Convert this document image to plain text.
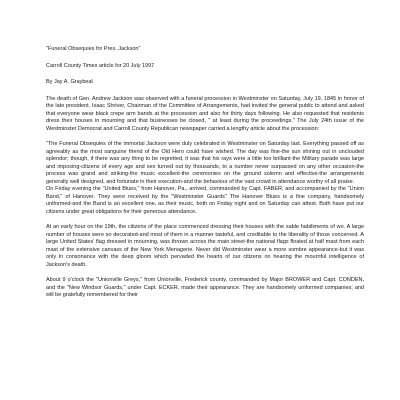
"Funeral Obsequies for Pres. Jackson"

Carroll County Times article for 20 July 1997

By Jay A. Graybeal

The death of Gen. Andrew Jackson was observed with a funeral procession in Westminster on Saturday, July 19, 1845 in honor of the late president. Isaac Shriver, Chairman of the Committee of Arrangements, had invited the general public to attend and asked that everyone wear black crepe arm bands at the procession and also for thirty days following. He also requested that residents dress their houses in mourning and that businesses be closed, " at least during the proceedings." The July 24th issue of the Westminster Democrat and Carroll County Republican newspaper carried a lengthy article about the procession:

"The Funeral Obsequies of the immortal Jackson were duly celebrated in Westminster on Saturday last. Everything passed off as agreeably as the most sanguine friend of the Old Hero could have wished. The day was fine-the sun shining out in unclouded splendor; though, if there was any thing to be regretted, it was that his rays were a little too brilliant-the Military parade was large and imposing-citizens of every age and sex turned out by thousands, to a number never surpassed on any other occasion-the process was grand and striking-the music excellent-the ceremonies on the ground solemn and effective-the arrangements generally well designed, and fortunate in their execution-and the behaviour of the vast crowd in attendance worthy of all praise.

On Friday evening the "United Blues," from Hanover, Pa., arrived, commanded by Capt. FABER, and accompanied by the "Union Band," of Hanover. They were received by the "Westminster Guards" The Hanover Blues is a fine company, handsomely uniformed-and the Band is an excellent one, as their music, both on Friday night and on Saturday can attest. Both have put our citizens under great obligations for their generous attendance.

At an early hour on the 19th, the citizens of the place commenced dressing their houses with the sable habiliments of wo. A large number of houses were so decorated-and most of them in a manner tasteful, and creditable to the liberality of those concerned. A large United States' flag dressed in mourning, was thrown across the main street-the national flags floated at half mast from each mast of the extensive canvass of the New York Menagerie. Never did Westminster wear a more sombre appearance-but it was only in consonance with the deep gloom which pervaded the hearts of our citizens on hearing the mournful intelligence of Jackson's death.

About 9 o'clock the "Unionville Greys," from Unionville, Frederick county, commanded by Major BROWER and Capt. CONDEN, and the "New Windsor Guards," under Capt. ECKER, made their appearance. They are handsomely uniformed companies; and will be gratefully remembered for their
